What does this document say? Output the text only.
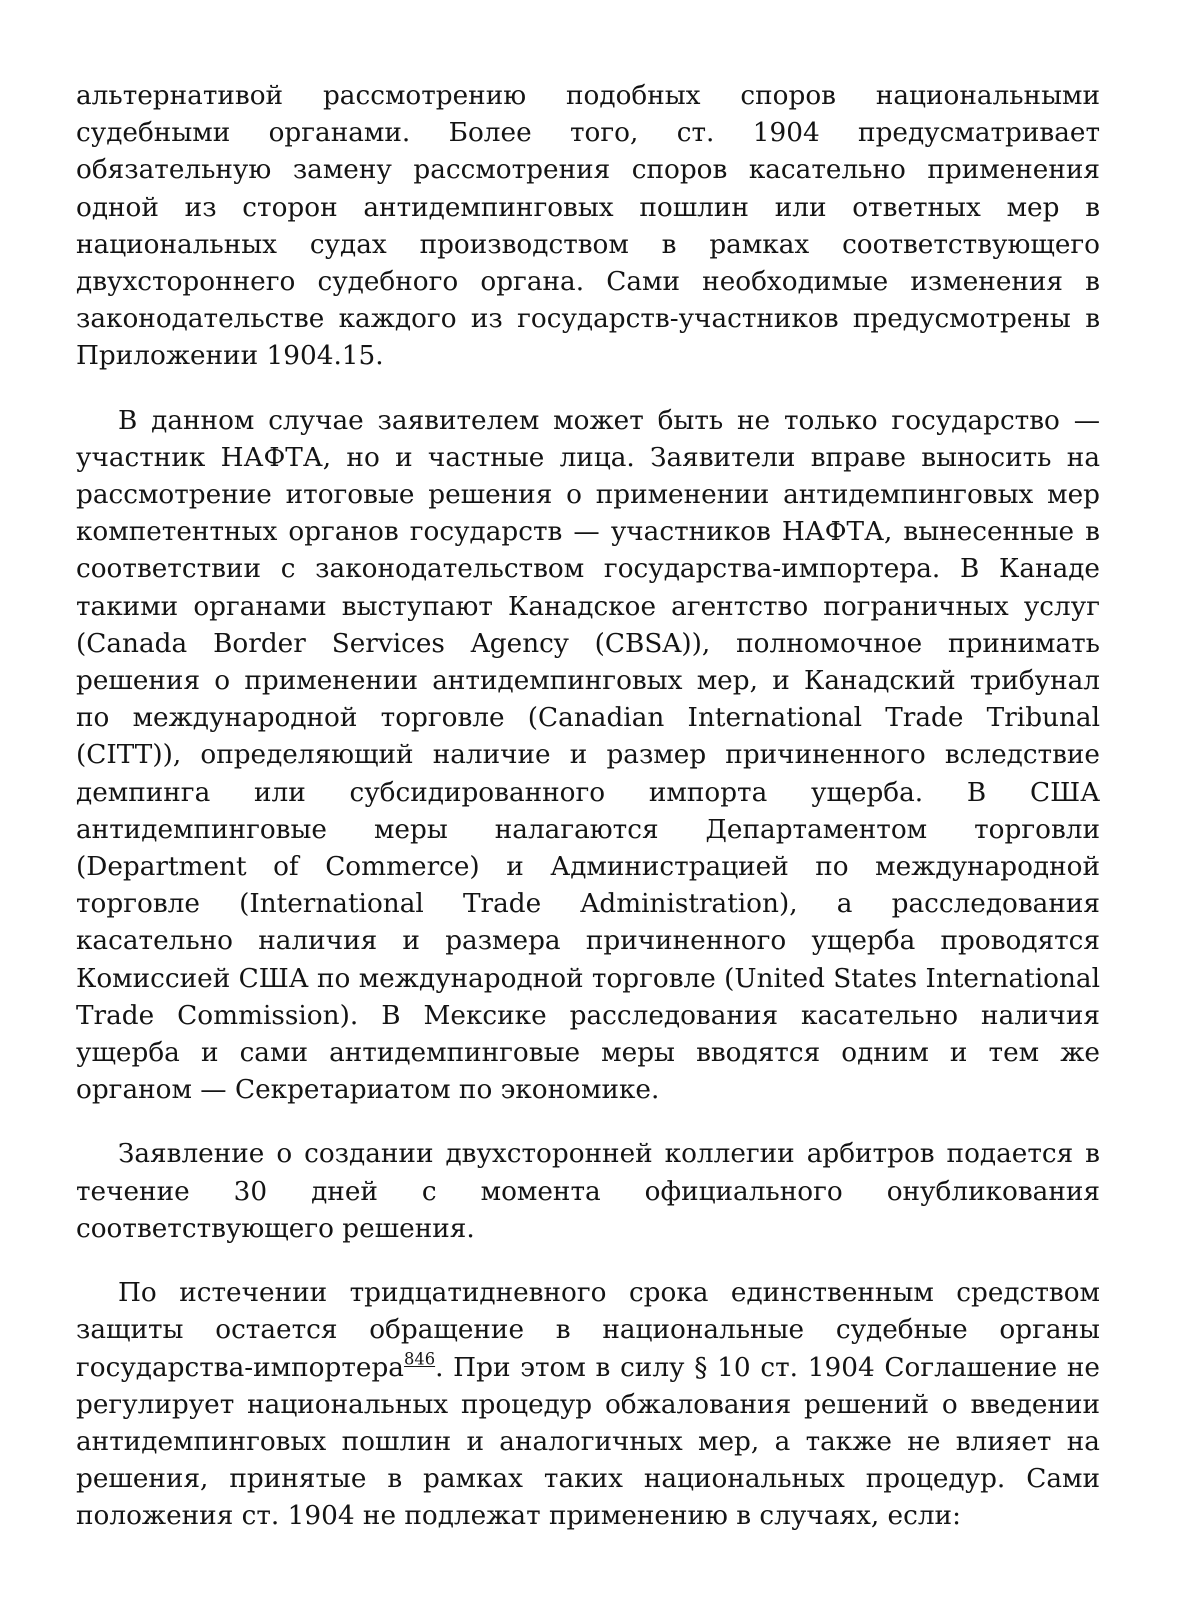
альтернативой рассмотрению подобных споров национальными судебными органами. Более того, ст. 1904 предусматривает обязательную замену рассмотрения споров касательно применения одной из сторон антидемпинговых пошлин или ответных мер в национальных судах производством в рамках соответствующего двухстороннего судебного органа. Сами необходимые изменения в законодательстве каждого из государств-участников предусмотрены в Приложении 1904.15.

В данном случае заявителем может быть не только государство — участник НАФТА, но и частные лица. Заявители вправе выносить на рассмотрение итоговые решения о применении антидемпинговых мер компетентных органов государств — участников НАФТА, вынесенные в соответствии с законодательством государства-импортера. В Канаде такими органами выступают Канадское агентство пограничных услуг (Canada Border Services Agency (CBSA)), полномочное принимать решения о применении антидемпинговых мер, и Канадский трибунал по международной торговле (Canadian International Trade Tribunal (CITT)), определяющий наличие и размер причиненного вследствие демпинга или субсидированного импорта ущерба. В США антидемпинговые меры налагаются Департаментом торговли (Department of Commerce) и Администрацией по международной торговле (International Trade Administration), а расследования касательно наличия и размера причиненного ущерба проводятся Комиссией США по международной торговле (United States International Trade Commission). В Мексике расследования касательно наличия ущерба и сами антидемпинговые меры вводятся одним и тем же органом — Секретариатом по экономике.

Заявление о создании двухсторонней коллегии арбитров подается в течение 30 дней с момента официального онубликования соответствующего решения.

По истечении тридцатидневного срока единственным средством защиты остается обращение в национальные судебные органы государства-импортера$^{846}$. При этом в силу § 10 ст. 1904 Соглашение не регулирует национальных процедур обжалования решений о введении антидемпинговых пошлин и аналогичных мер, а также не влияет на решения, принятые в рамках таких национальных процедур. Сами положения ст. 1904 не подлежат применению в случаях, если:
